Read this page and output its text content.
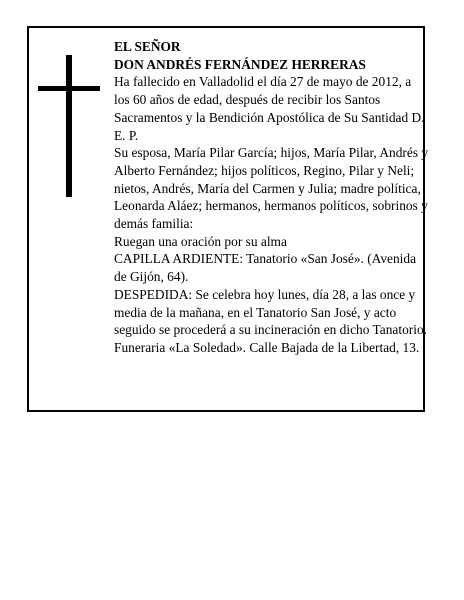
EL SEÑOR

DON ANDRÉS FERNÁNDEZ HERRERAS

Ha fallecido en Valladolid el día 27 de mayo de 2012, a los 60 años de edad, después de recibir los Santos Sacramentos y la Bendición Apostólica de Su Santidad D. E. P.

Su esposa, María Pilar García; hijos, María Pilar, Andrés y Alberto Fernández; hijos políticos, Regino, Pilar y Neli; nietos, Andrés, María del Carmen y Julia; madre política, Leonarda Aláez; hermanos, hermanos políticos, sobrinos y demás familia:

Ruegan una oración por su alma

CAPILLA ARDIENTE: Tanatorio «San José». (Avenida de Gijón, 64).

DESPEDIDA: Se celebra hoy lunes, día 28, a las once y media de la mañana, en el Tanatorio San José, y acto seguido se procederá a su incineración en dicho Tanatorio.

Funeraria «La Soledad». Calle Bajada de la Libertad, 13.
